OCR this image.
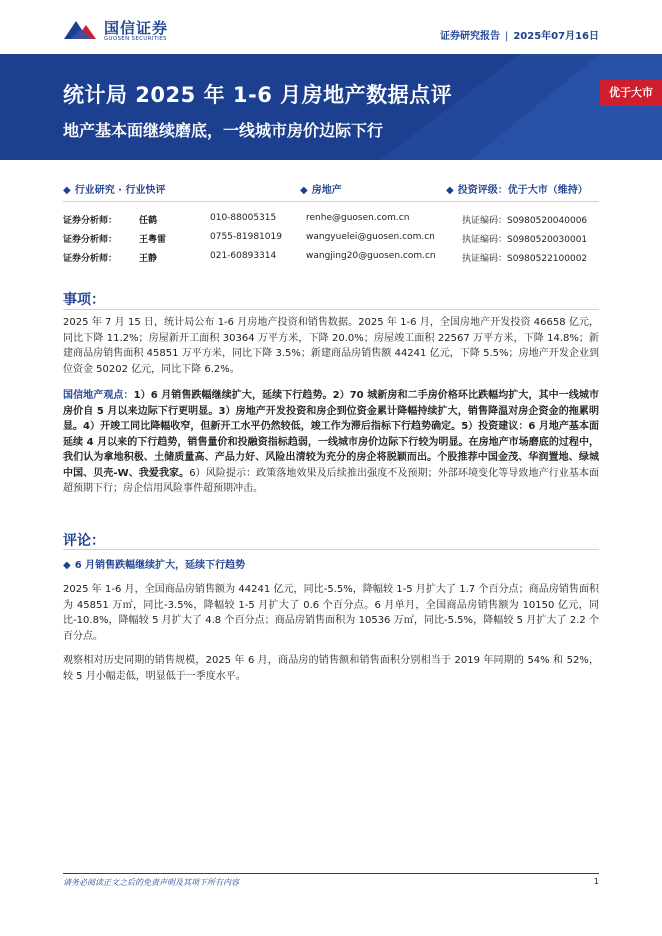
国信证券
GUOSEN SECURITIES	证券研究报告 | 2025年07月16日
统计局 2025 年 1-6 月房地产数据点评
地产基本面继续磨底，一线城市房价边际下行
优于大市
◆ 行业研究 · 行业快评	◆ 房地产	◆ 投资评级：优于大市（维持）
证券分析师： 任鹤	010-88005315	renhe@guosen.com.cn	执证编码：S0980520040006
证券分析师： 王粤雷	0755-81981019	wangyuelei@guosen.com.cn	执证编码：S0980520030001
证券分析师： 王静	021-60893314	wangjing20@guosen.com.cn	执证编码：S0980522100002
事项：

2025 年 7 月 15 日，统计局公布 1-6 月房地产投资和销售数据。2025 年 1-6 月，全国房地产开发投资 46658 亿元，同比下降 11.2%；房屋新开工面积 30364 万平方米，下降 20.0%；房屋竣工面积 22567 万平方米，下降 14.8%；新建商品房销售面积 45851 万平方米，同比下降 3.5%；新建商品房销售额 44241 亿元，下降 5.5%；房地产开发企业到位资金 50202 亿元，同比下降 6.2%。

国信地产观点：1）6 月销售跌幅继续扩大，延续下行趋势。2）70 城新房和二手房价格环比跌幅均扩大，其中一线城市房价自 5 月以来边际下行更明显。3）房地产开发投资和房企到位资金累计降幅持续扩大，销售降温对房企资金的拖累明显。4）开竣工同比降幅收窄，但新开工水平仍然较低，竣工作为滞后指标下行趋势确定。5）投资建议：6 月地产基本面延续 4 月以来的下行趋势，销售量价和投融资指标趋弱，一线城市房价边际下行较为明显。在房地产市场磨底的过程中，我们认为拿地积极、土储质量高、产品力好、风险出清较为充分的房企将脱颖而出。个股推荐中国金茂、华润置地、绿城中国、贝壳-W、我爱我家。6）风险提示：政策落地效果及后续推出强度不及预期；外部环境变化等导致地产行业基本面超预期下行；房企信用风险事件超预期冲击。

评论：
◆ 6 月销售跌幅继续扩大，延续下行趋势

2025 年 1-6 月，全国商品房销售额为 44241 亿元，同比-5.5%，降幅较 1-5 月扩大了 1.7 个百分点；商品房销售面积为 45851 万㎡，同比-3.5%，降幅较 1-5 月扩大了 0.6 个百分点。6 月单月，全国商品房销售额为 10150 亿元，同比-10.8%，降幅较 5 月扩大了 4.8 个百分点；商品房销售面积为 10536 万㎡，同比-5.5%，降幅较 5 月扩大了 2.2 个百分点。

观察相对历史同期的销售规模，2025 年 6 月，商品房的销售额和销售面积分别相当于 2019 年同期的 54% 和 52%，较 5 月小幅走低，明显低于一季度水平。

请务必阅读正文之后的免责声明及其项下所有内容	1
